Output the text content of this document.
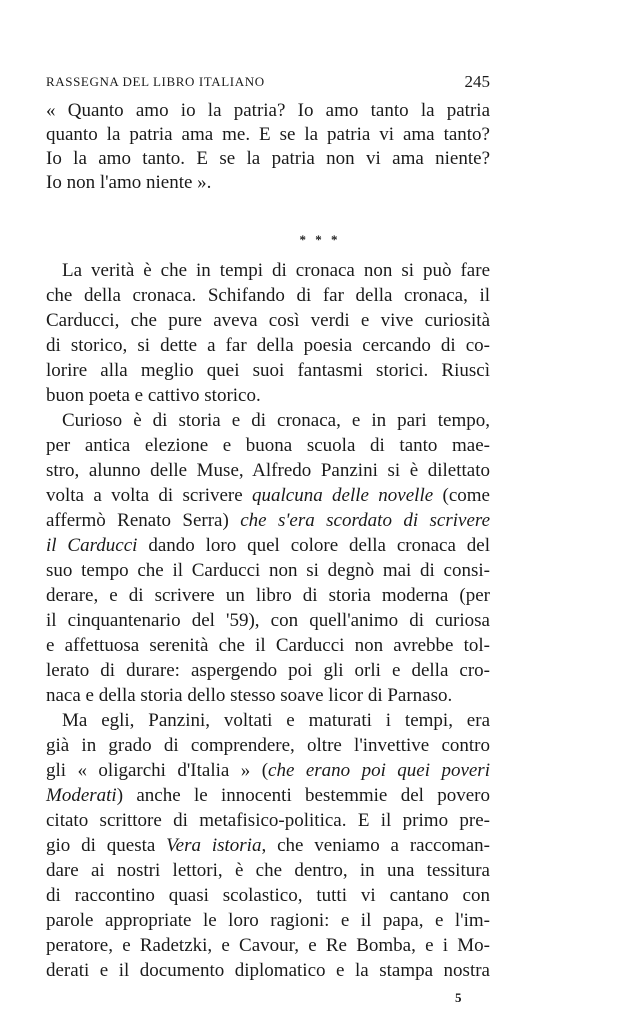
RASSEGNA DEL LIBRO ITALIANO	245
« Quanto amo io la patria? Io amo tanto la patria
quanto la patria ama me. E se la patria vi ama tanto?
Io la amo tanto. E se la patria non vi ama niente?
Io non l'amo niente ».
* * *
La verità è che in tempi di cronaca non si può fare
che della cronaca. Schifando di far della cronaca, il
Carducci, che pure aveva così verdi e vive curiosità
di storico, si dette a far della poesia cercando di co-
lorire alla meglio quei suoi fantasmi storici. Riuscì
buon poeta e cattivo storico.
Curioso è di storia e di cronaca, e in pari tempo,
per antica elezione e buona scuola di tanto mae-
stro, alunno delle Muse, Alfredo Panzini si è dilettato
volta a volta di scrivere qualcuna delle novelle (come
affermò Renato Serra) che s'era scordato di scrivere
il Carducci dando loro quel colore della cronaca del
suo tempo che il Carducci non si degnò mai di consi-
derare, e di scrivere un libro di storia moderna (per
il cinquantenario del '59), con quell'animo di curiosa
e affettuosa serenità che il Carducci non avrebbe tol-
lerato di durare: aspergendo poi gli orli e della cro-
naca e della storia dello stesso soave licor di Parnaso.
Ma egli, Panzini, voltati e maturati i tempi, era
già in grado di comprendere, oltre l'invettive contro
gli « oligarchi d'Italia » (che erano poi quei poveri
Moderati) anche le innocenti bestemmie del povero
citato scrittore di metafisico-politica. E il primo pre-
gio di questa Vera istoria, che veniamo a raccoman-
dare ai nostri lettori, è che dentro, in una tessitura
di raccontino quasi scolastico, tutti vi cantano con
parole appropriate le loro ragioni: e il papa, e l'im-
peratore, e Radetzki, e Cavour, e Re Bomba, e i Mo-
derati e il documento diplomatico e la stampa nostra
5
